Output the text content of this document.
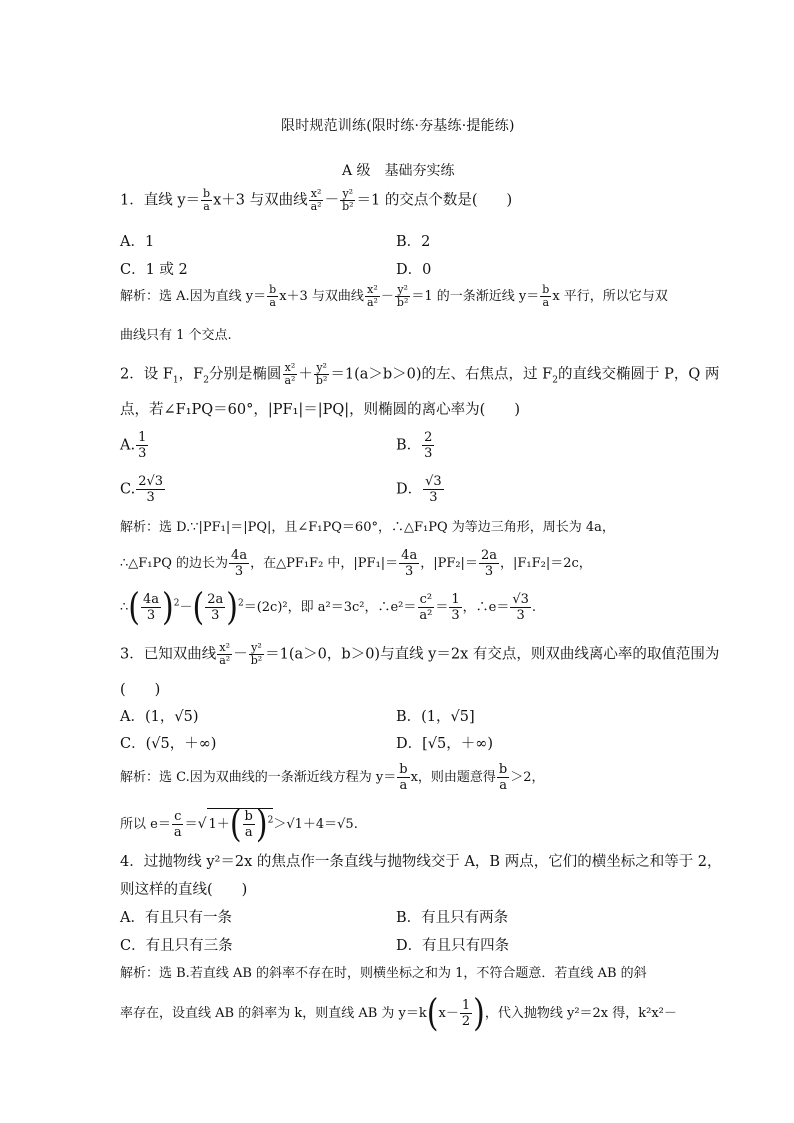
限时规范训练(限时练·夯基练·提能练)
A 级　基础夯实练
1．直线 $y= \frac{b}{a} x+3$ 与双曲线 $\frac{\text{x²}}{\text{a²}} - \frac{\text{y²}}{\text{b²}} =1$ 的交点个数是(　　)
A．1	B．2
C．1 或 2	D．0
解析：选 A.因为直线 $y= \frac{b}{a} x+3$ 与双曲线 $\frac{\text{x²}}{\text{a²}} - \frac{\text{y²}}{\text{b²}} =1$ 的一条渐近线 $y= \frac{b}{a}$ x 平行，所以它与双
曲线只有 1 个交点.
2．设 $F_1$，$F_2$分别是椭圆 $\frac{\text{x²}}{\text{a²}} + \frac{\text{y²}}{\text{b²}} =1(a>b>0)$的左、右焦点，过 $F_2$的直线交椭圆于 P，Q 两
点，若∠F₁PQ＝60°，|PF₁|＝|PQ|，则椭圆的离心率为(　　)
A. $\frac{1}{3}$	B． $\frac{2}{3}$
C. $\frac{2√3}{3}$	D． $\frac{√3}{3}$
解析：选 D.∵|PF₁|＝|PQ|，且∠F₁PQ＝60°，∴△F₁PQ 为等边三角形，周长为 4a，
∴△F₁PQ 的边长为 $\frac{4a}{3}$ ，在△PF₁F₂ 中，$|PF_1|= \frac{4a}{3}$ ，$|PF_2|= \frac{2a}{3}$ ，|F₁F₂|＝2c，
∴( $\frac{4a}{3} )^2-( \frac{2a}{3} )^2=(2c)^2$，即 a²＝3c²，∴e²＝ $\frac{\text{c²}}{\text{a²}} = \frac{1}{3}$ ，∴e＝ $\frac{√3}{3}$ .
3．已知双曲线 $\frac{\text{x²}}{\text{a²}} - \frac{\text{y²}}{\text{b²}} =1(a>0$，b＞0)与直线 y＝2x 有交点，则双曲线离心率的取值范围为
(　　)
A．(1，√5)	B．(1，√5]
C．(√5，＋∞)	D．[√5，＋∞)
解析：选 C.因为双曲线的一条渐近线方程为 $y= \frac{b}{a}$ x，则由题意得 $\frac{b}{a} >2$，
所以 $e= \frac{c}{a}$ ＝√ $1+( \frac{b}{a} )^2>√1+4=√5$.
4．过抛物线 y²＝2x 的焦点作一条直线与抛物线交于 A，B 两点，它们的横坐标之和等于 2，
则这样的直线(　　)
A．有且只有一条	B．有且只有两条
C．有且只有三条	D．有且只有四条
解析：选 B.若直线 AB 的斜率不存在时，则横坐标之和为 1，不符合题意．若直线 AB 的斜
率存在，设直线 AB 的斜率为 k，则直线 AB 为 $y=k(x- \frac{1}{2}$ )，代入抛物线 y²＝2x 得，k²x²－
